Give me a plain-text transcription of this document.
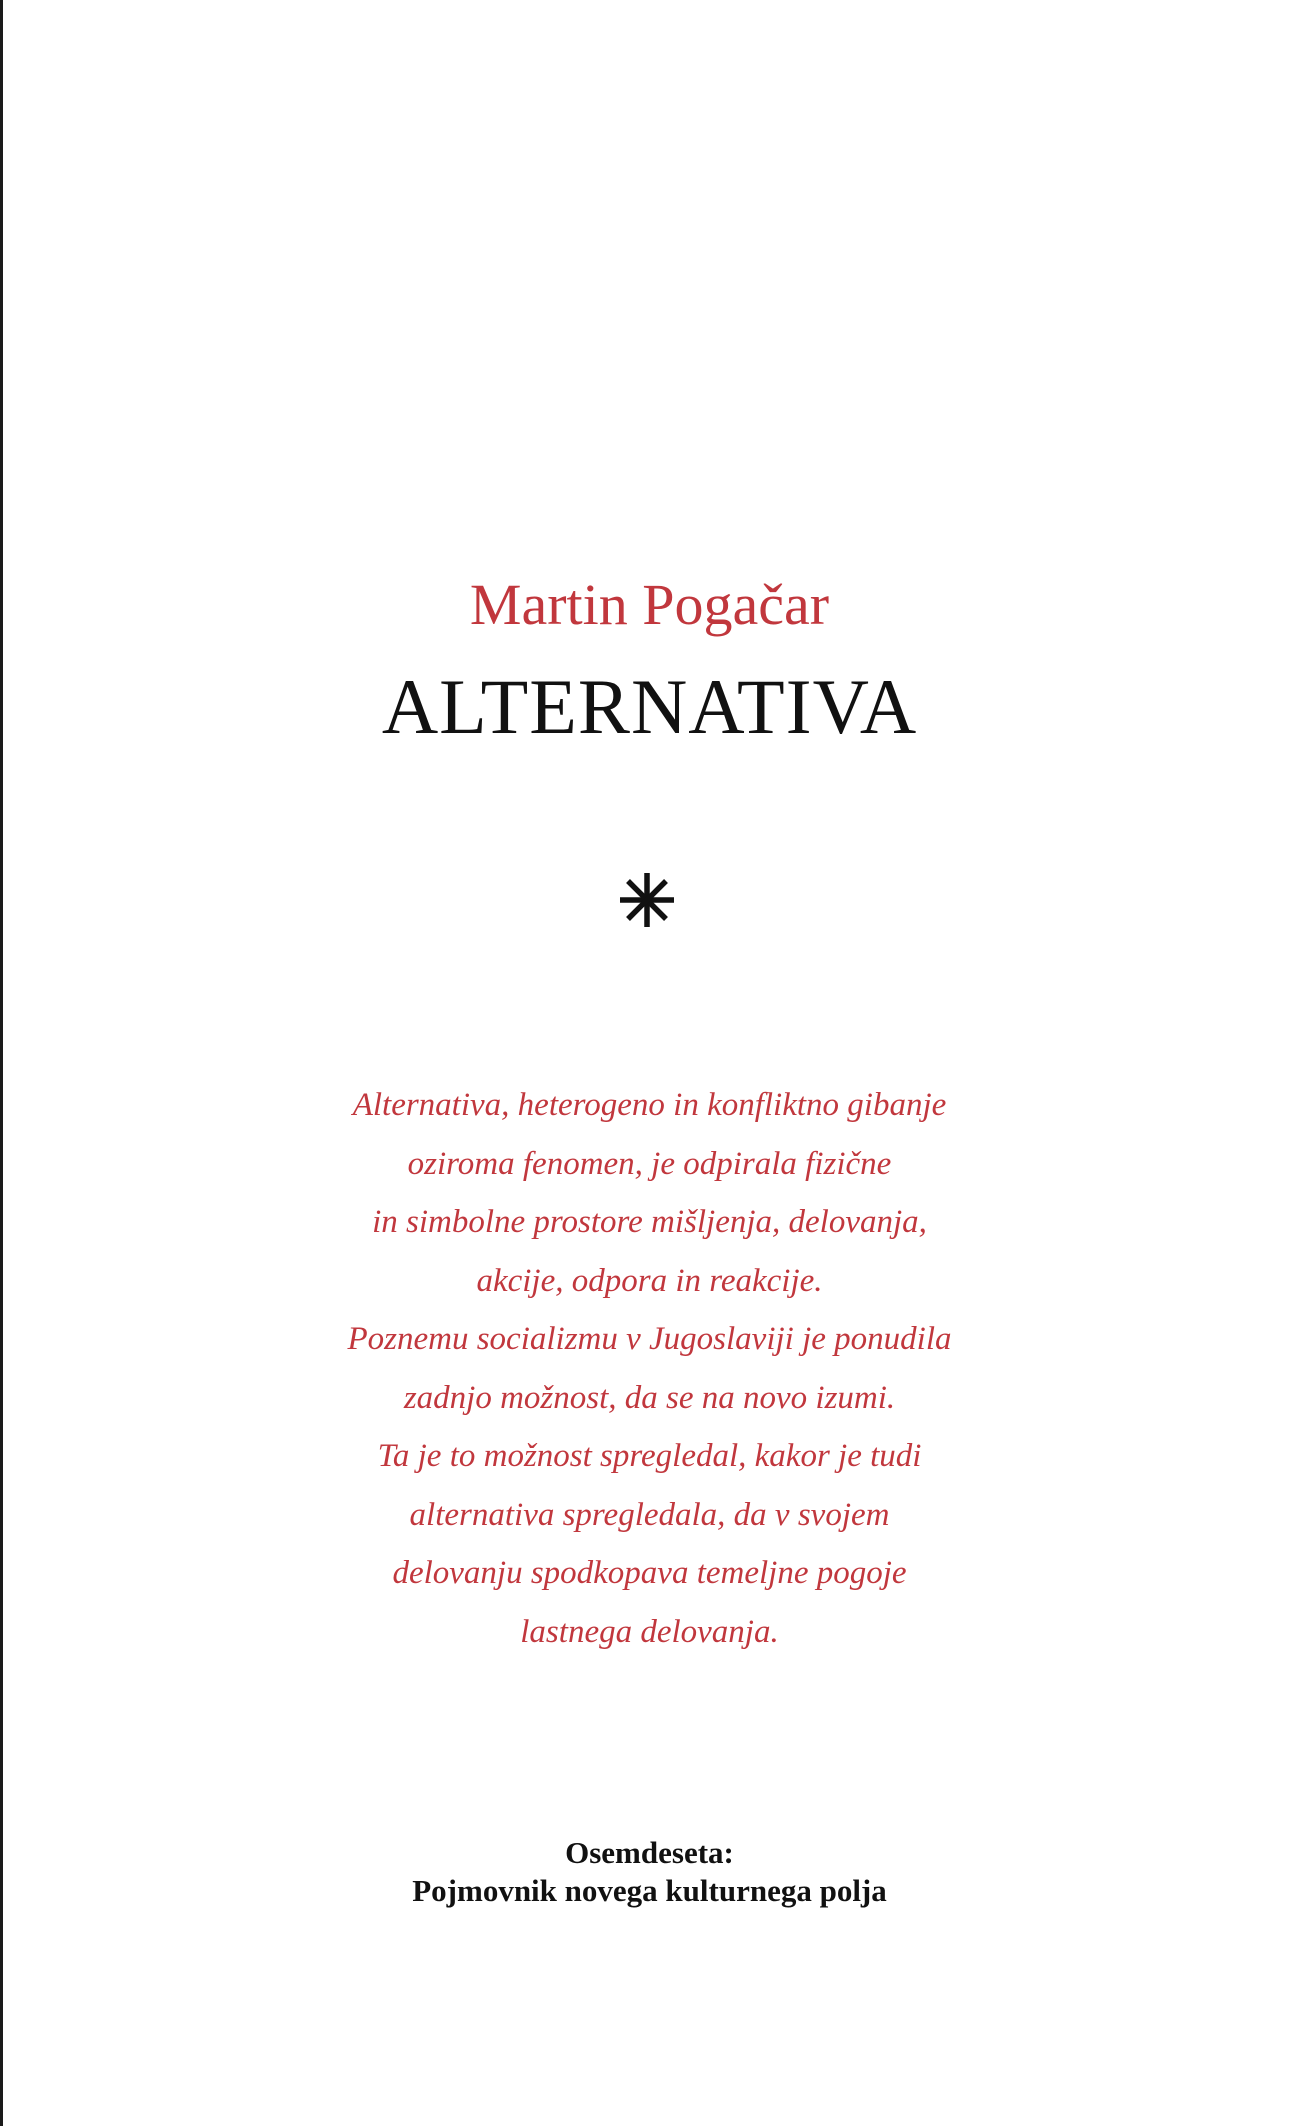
Martin Pogačar
ALTERNATIVA
Alternativa, heterogeno in konfliktno gibanje
oziroma fenomen, je odpirala fizične
in simbolne prostore mišljenja, delovanja,
akcije, odpora in reakcije.
Poznemu socializmu v Jugoslaviji je ponudila
zadnjo možnost, da se na novo izumi.
Ta je to možnost spregledal, kakor je tudi
alternativa spregledala, da v svojem
delovanju spodkopava temeljne pogoje
lastnega delovanja.
Osemdeseta:
Pojmovnik novega kulturnega polja
